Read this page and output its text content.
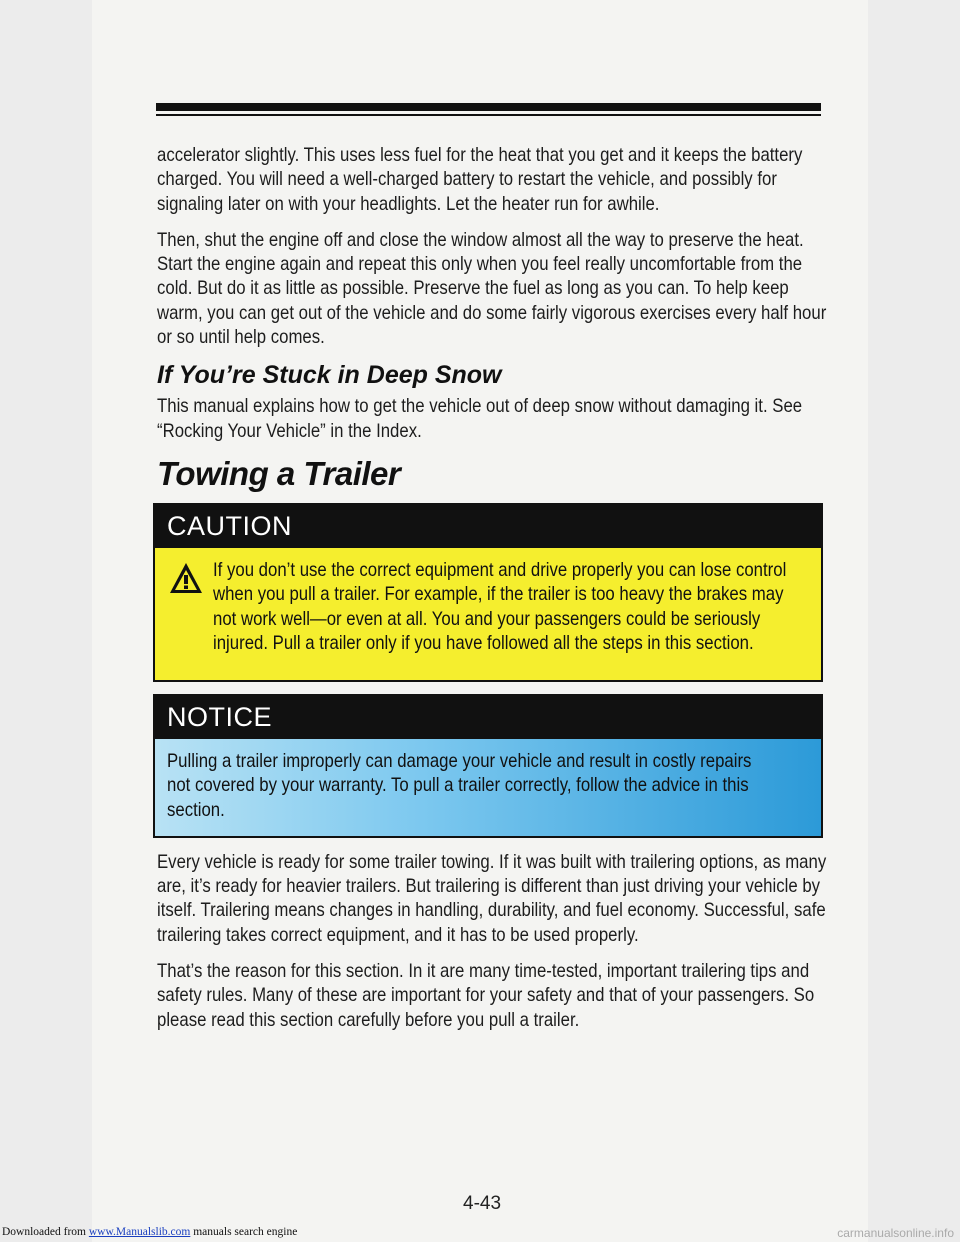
accelerator slightly. This uses less fuel for the heat that you get and it keeps the battery charged. You will need a well-charged battery to restart the vehicle, and possibly for signaling later on with your headlights. Let the heater run for awhile.

Then, shut the engine off and close the window almost all the way to preserve the heat. Start the engine again and repeat this only when you feel really uncomfortable from the cold. But do it as little as possible. Preserve the fuel as long as you can. To help keep warm, you can get out of the vehicle and do some fairly vigorous exercises every half hour or so until help comes.

If You’re Stuck in Deep Snow

This manual explains how to get the vehicle out of deep snow without damaging it. See “Rocking Your Vehicle” in the Index.

Towing a Trailer
CAUTION
If you don’t use the correct equipment and drive properly you can lose control when you pull a trailer. For example, if the trailer is too heavy the brakes may not work well—or even at all. You and your passengers could be seriously injured. Pull a trailer only if you have followed all the steps in this section.
NOTICE
Pulling a trailer improperly can damage your vehicle and result in costly repairs not covered by your warranty. To pull a trailer correctly, follow the advice in this section.

Every vehicle is ready for some trailer towing. If it was built with trailering options, as many are, it’s ready for heavier trailers. But trailering is different than just driving your vehicle by itself. Trailering means changes in handling, durability, and fuel economy. Successful, safe trailering takes correct equipment, and it has to be used properly.

That’s the reason for this section. In it are many time-tested, important trailering tips and safety rules. Many of these are important for your safety and that of your passengers. So please read this section carefully before you pull a trailer.

4-43
Downloaded from www.Manualslib.com manuals search engine	carmanualsonline.info
